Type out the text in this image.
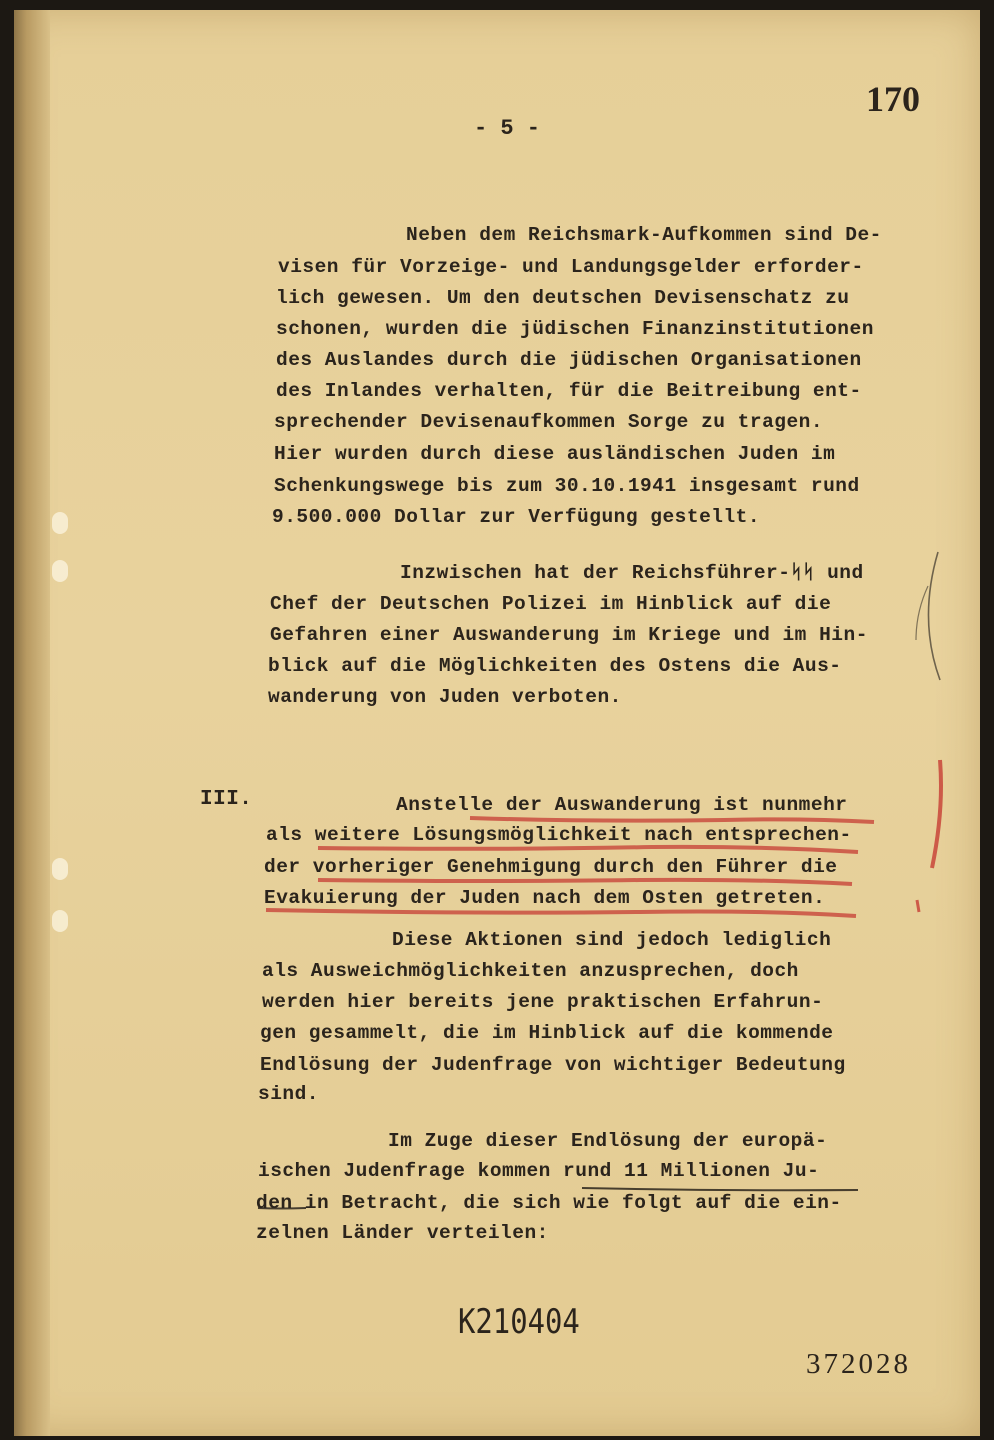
170
- 5 -
Neben dem Reichsmark-Aufkommen sind De-
visen für Vorzeige- und Landungsgelder erforder-
lich gewesen. Um den deutschen Devisenschatz zu
schonen, wurden die jüdischen Finanzinstitutionen
des Auslandes durch die jüdischen Organisationen
des Inlandes verhalten, für die Beitreibung ent-
sprechender Devisenaufkommen Sorge zu tragen.
Hier wurden durch diese ausländischen Juden im
Schenkungswege bis zum 30.10.1941 insgesamt rund
9.500.000 Dollar zur Verfügung gestellt.
Inzwischen hat der Reichsführer-ᛋᛋ und
Chef der Deutschen Polizei im Hinblick auf die
Gefahren einer Auswanderung im Kriege und im Hin-
blick auf die Möglichkeiten des Ostens die Aus-
wanderung von Juden verboten.
III.	Anstelle der Auswanderung ist nunmehr
als weitere Lösungsmöglichkeit nach entsprechen-
der vorheriger Genehmigung durch den Führer die
Evakuierung der Juden nach dem Osten getreten.
Diese Aktionen sind jedoch lediglich
als Ausweichmöglichkeiten anzusprechen, doch
werden hier bereits jene praktischen Erfahrun-
gen gesammelt, die im Hinblick auf die kommende
Endlösung der Judenfrage von wichtiger Bedeutung
sind.
Im Zuge dieser Endlösung der europä-
ischen Judenfrage kommen rund 11 Millionen Ju-
den in Betracht, die sich wie folgt auf die ein-
zelnen Länder verteilen:
K210404
372028
